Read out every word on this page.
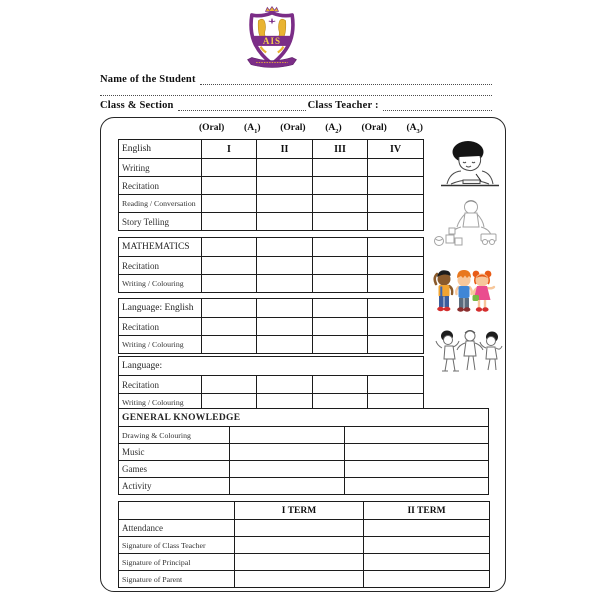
AIS
Name of the Student
Class & Section	Class Teacher :
(Oral) $(A_1)$ (Oral) $(A_2)$ (Oral) $(A_3)$
English	I	II	III	IV
Writing
Recitation
Reading / Conversation
Story Telling
MATHEMATICS
Recitation
Writing / Colouring
Language: English
Recitation
Writing / Colouring
Language:
Recitation
Writing / Colouring
GENERAL KNOWLEDGE
Drawing & Colouring
Music
Games
Activity
I TERM	II TERM
Attendance
Signature of Class Teacher
Signature of Principal
Signature of Parent
